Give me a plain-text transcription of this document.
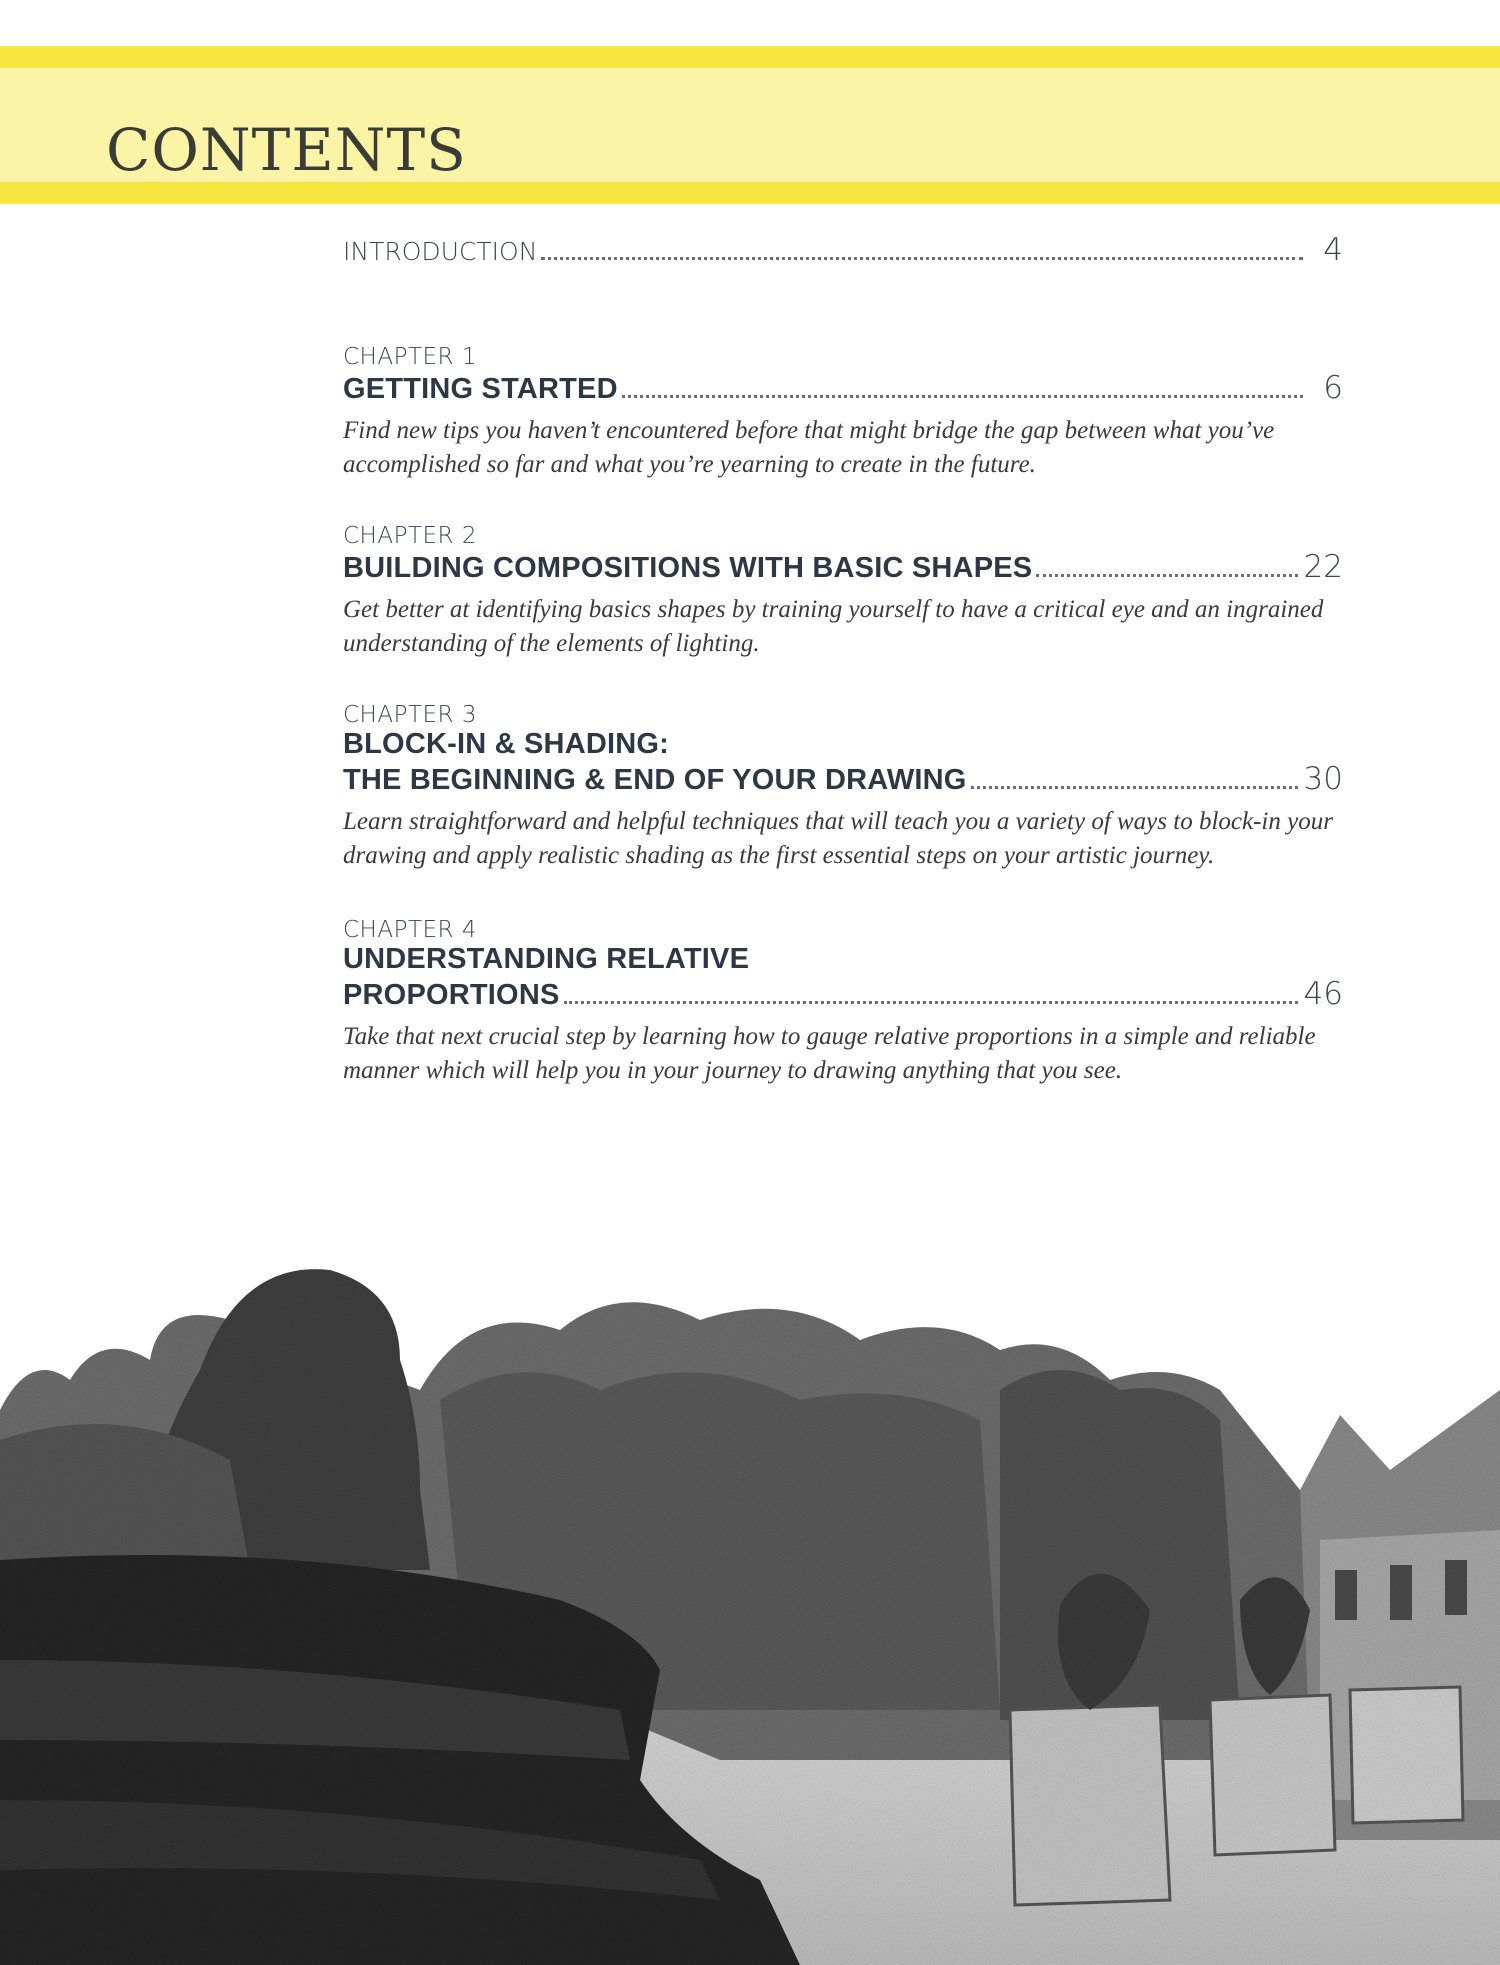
CONTENTS
INTRODUCTION	4
CHAPTER 1
GETTING STARTED	6
Find new tips you haven’t encountered before that might bridge the gap between what you’ve accomplished so far and what you’re yearning to create in the future.
CHAPTER 2
BUILDING COMPOSITIONS WITH BASIC SHAPES	22
Get better at identifying basics shapes by training yourself to have a critical eye and an ingrained understanding of the elements of lighting.
CHAPTER 3
BLOCK-IN & SHADING:
THE BEGINNING & END OF YOUR DRAWING	30
Learn straightforward and helpful techniques that will teach you a variety of ways to block-in your drawing and apply realistic shading as the first essential steps on your artistic journey.
CHAPTER 4
UNDERSTANDING RELATIVE
PROPORTIONS	46
Take that next crucial step by learning how to gauge relative proportions in a simple and reliable manner which will help you in your journey to drawing anything that you see.
